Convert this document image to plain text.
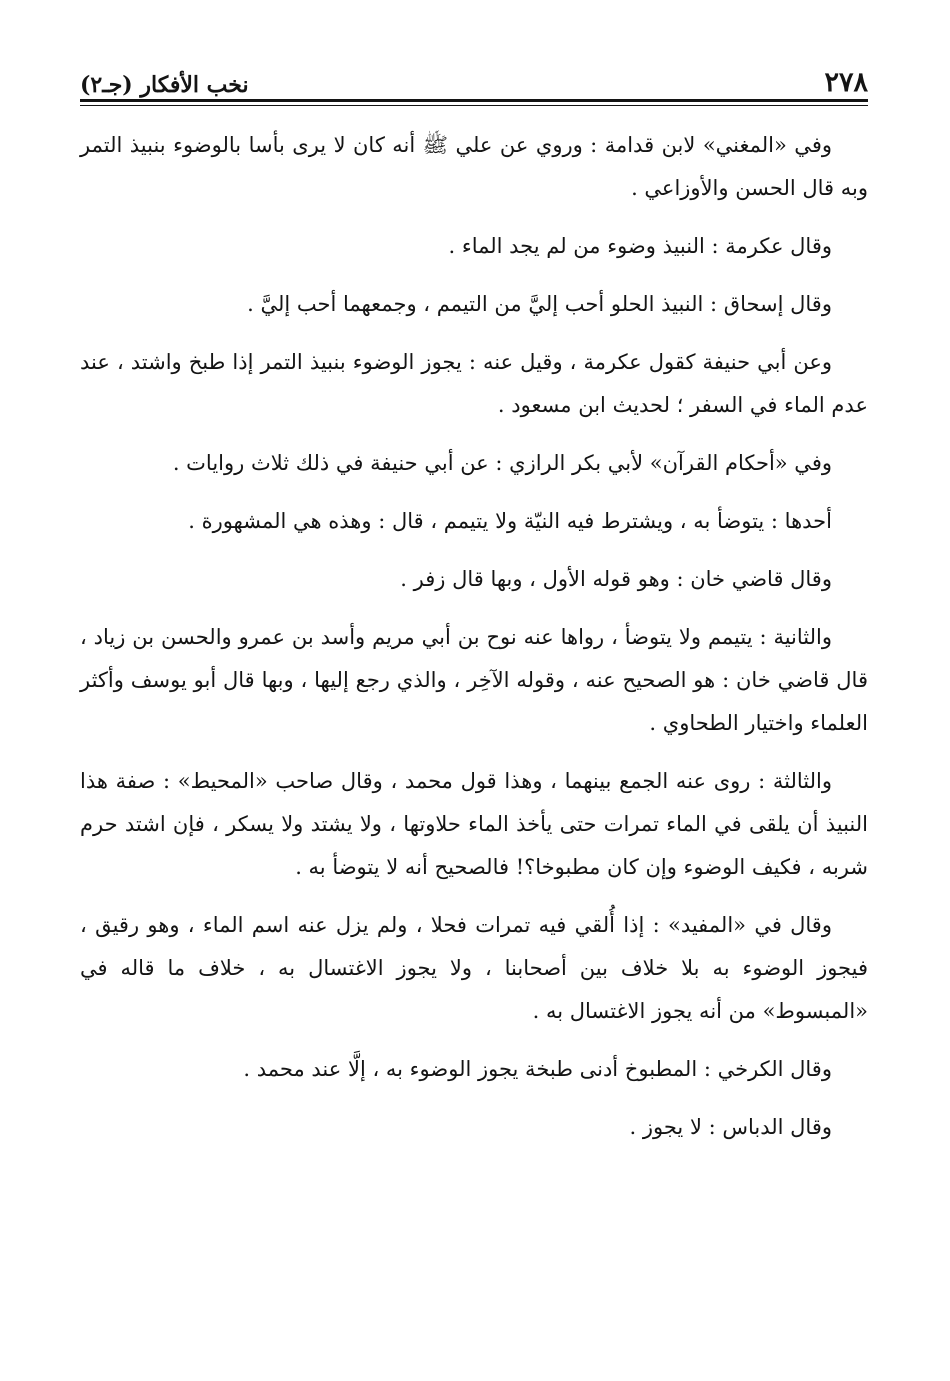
٢٧٨
نخب الأفكار (جـ٢)

وفي «المغني» لابن قدامة : وروي عن علي ﷺ أنه كان لا يرى بأسا بالوضوء بنبيذ التمر وبه قال الحسن والأوزاعي .

وقال عكرمة : النبيذ وضوء من لم يجد الماء .

وقال إسحاق : النبيذ الحلو أحب إليَّ من التيمم ، وجمعهما أحب إليَّ .

وعن أبي حنيفة كقول عكرمة ، وقيل عنه : يجوز الوضوء بنبيذ التمر إذا طبخ واشتد ، عند عدم الماء في السفر ؛ لحديث ابن مسعود .

وفي «أحكام القرآن» لأبي بكر الرازي : عن أبي حنيفة في ذلك ثلاث روايات .

أحدها : يتوضأ به ، ويشترط فيه النيّة ولا يتيمم ، قال : وهذه هي المشهورة .

وقال قاضي خان : وهو قوله الأول ، وبها قال زفر .

والثانية : يتيمم ولا يتوضأ ، رواها عنه نوح بن أبي مريم وأسد بن عمرو والحسن بن زياد ، قال قاضي خان : هو الصحيح عنه ، وقوله الآخِر ، والذي رجع إليها ، وبها قال أبو يوسف وأكثر العلماء واختيار الطحاوي .

والثالثة : روى عنه الجمع بينهما ، وهذا قول محمد ، وقال صاحب «المحيط» : صفة هذا النبيذ أن يلقى في الماء تمرات حتى يأخذ الماء حلاوتها ، ولا يشتد ولا يسكر ، فإن اشتد حرم شربه ، فكيف الوضوء وإن كان مطبوخا؟! فالصحيح أنه لا يتوضأ به .

وقال في «المفيد» : إذا أُلقي فيه تمرات فحلا ، ولم يزل عنه اسم الماء ، وهو رقيق ، فيجوز الوضوء به بلا خلاف بين أصحابنا ، ولا يجوز الاغتسال به ، خلاف ما قاله في «المبسوط» من أنه يجوز الاغتسال به .

وقال الكرخي : المطبوخ أدنى طبخة يجوز الوضوء به ، إلَّا عند محمد .

وقال الدباس : لا يجوز .
